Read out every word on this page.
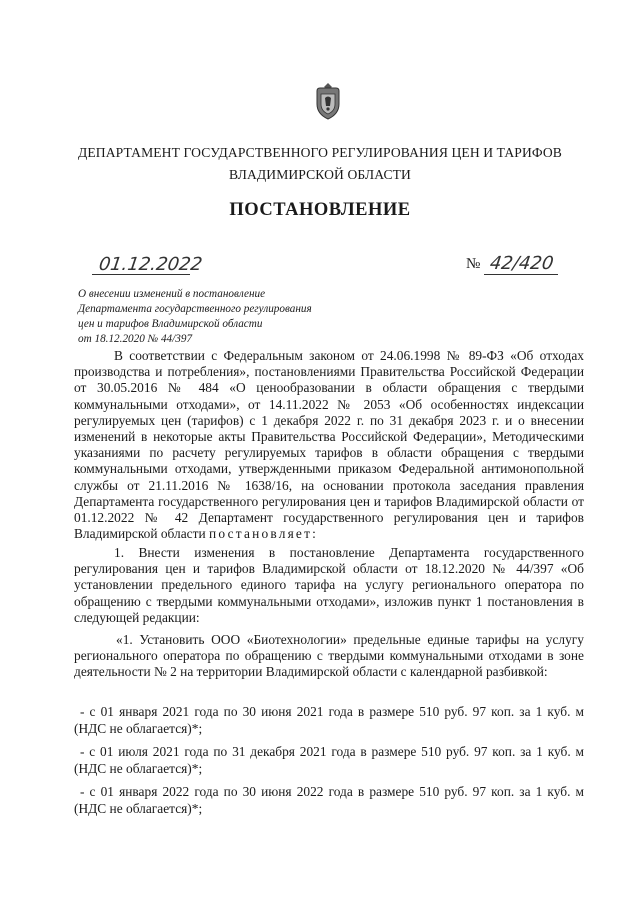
ДЕПАРТАМЕНТ ГОСУДАРСТВЕННОГО РЕГУЛИРОВАНИЯ ЦЕН И ТАРИФОВ
ВЛАДИМИРСКОЙ ОБЛАСТИ
ПОСТАНОВЛЕНИЕ
01.12.2022	№ 42/420
О внесении изменений в постановление
Департамента государственного регулирования
цен и тарифов Владимирской области
от 18.12.2020 № 44/397
В соответствии с Федеральным законом от 24.06.1998 № 89-ФЗ «Об отходах производства и потребления», постановлениями Правительства Российской Федерации от 30.05.2016 № 484 «О ценообразовании в области обращения с твердыми коммунальными отходами», от 14.11.2022 № 2053 «Об особенностях индексации регулируемых цен (тарифов) с 1 декабря 2022 г. по 31 декабря 2023 г. и о внесении изменений в некоторые акты Правительства Российской Федерации», Методическими указаниями по расчету регулируемых тарифов в области обращения с твердыми коммунальными отходами, утвержденными приказом Федеральной антимонопольной службы от 21.11.2016 № 1638/16, на основании протокола заседания правления Департамента государственного регулирования цен и тарифов Владимирской области от 01.12.2022 № 42 Департамент государственного регулирования цен и тарифов Владимирской области постановляет:
1. Внести изменения в постановление Департамента государственного регулирования цен и тарифов Владимирской области от 18.12.2020 № 44/397 «Об установлении предельного единого тарифа на услугу регионального оператора по обращению с твердыми коммунальными отходами», изложив пункт 1 постановления в следующей редакции:
«1. Установить ООО «Биотехнологии» предельные единые тарифы на услугу регионального оператора по обращению с твердыми коммунальными отходами в зоне деятельности № 2 на территории Владимирской области с календарной разбивкой:
- с 01 января 2021 года по 30 июня 2021 года в размере 510 руб. 97 коп. за 1 куб. м (НДС не облагается)*;
- с 01 июля 2021 года по 31 декабря 2021 года в размере 510 руб. 97 коп. за 1 куб. м (НДС не облагается)*;
- с 01 января 2022 года по 30 июня 2022 года в размере 510 руб. 97 коп. за 1 куб. м (НДС не облагается)*;
